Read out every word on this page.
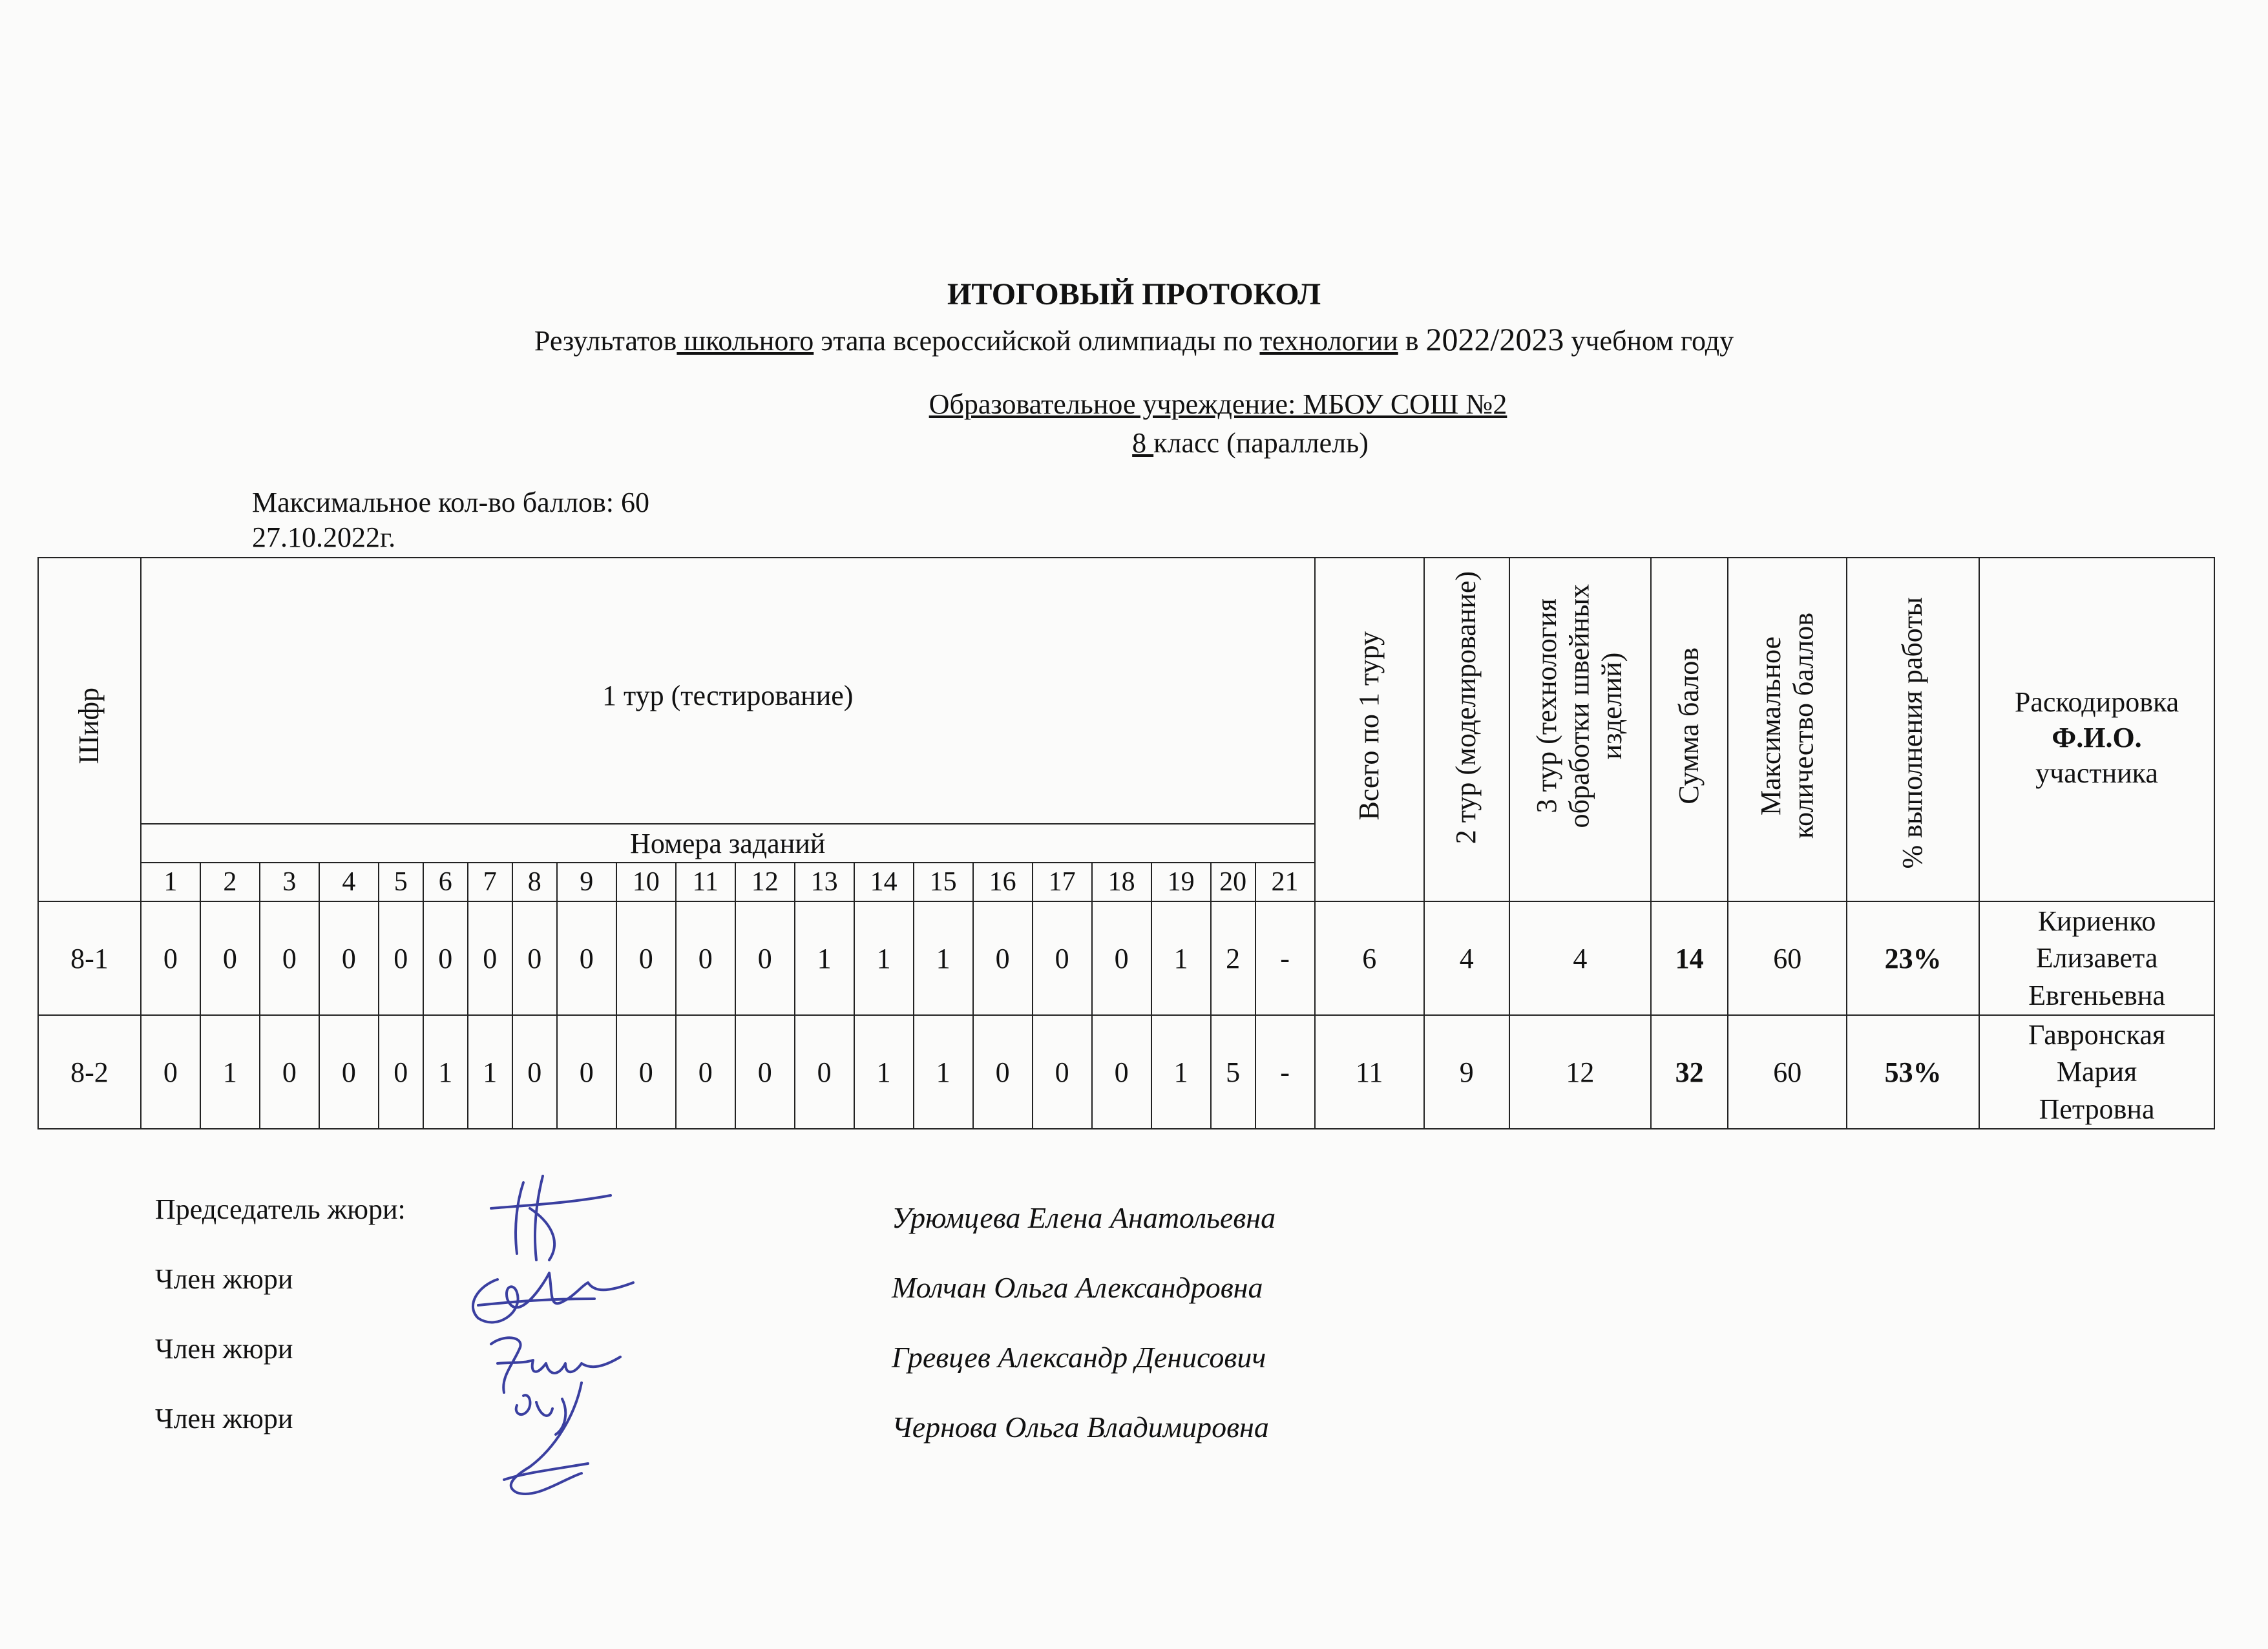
ИТОГОВЫЙ ПРОТОКОЛ
Результатов школьного этапа всероссийской олимпиады по технологии в 2022/2023 учебном году
Образовательное учреждение: МБОУ СОШ №2
8 класс (параллель)
Максимальное кол-во баллов: 60
27.10.2022г.
Шифр	1 тур (тестирование)																					Всего по 1 туру	2 тур (моделирование)	3 тур (технология
обработки швейных
изделий)	Сумма балов	Максимальное
количество баллов	% выполнения работы	Раскодировка
Ф.И.О.
участника
	Номера заданий																											
	1	2	3	4	5	6	7	8	9	10	11	12	13	14	15	16	17	18	19	20	21							
8-1	0	0	0	0	0	0	0	0	0	0	0	0	1	1	1	0	0	0	1	2	-	6	4	4	14	60	23%	Кириенко
Елизавета
Евгеньевна
8-2	0	1	0	0	0	1	1	0	0	0	0	0	0	1	1	0	0	0	1	5	-	11	9	12	32	60	53%	Гавронская
Мария
Петровна
Председатель жюри:	Урюмцева Елена Анатольевна
Член жюри	Молчан Ольга Александровна
Член жюри	Гревцев Александр Денисович
Член жюри	Чернова Ольга Владимировна
